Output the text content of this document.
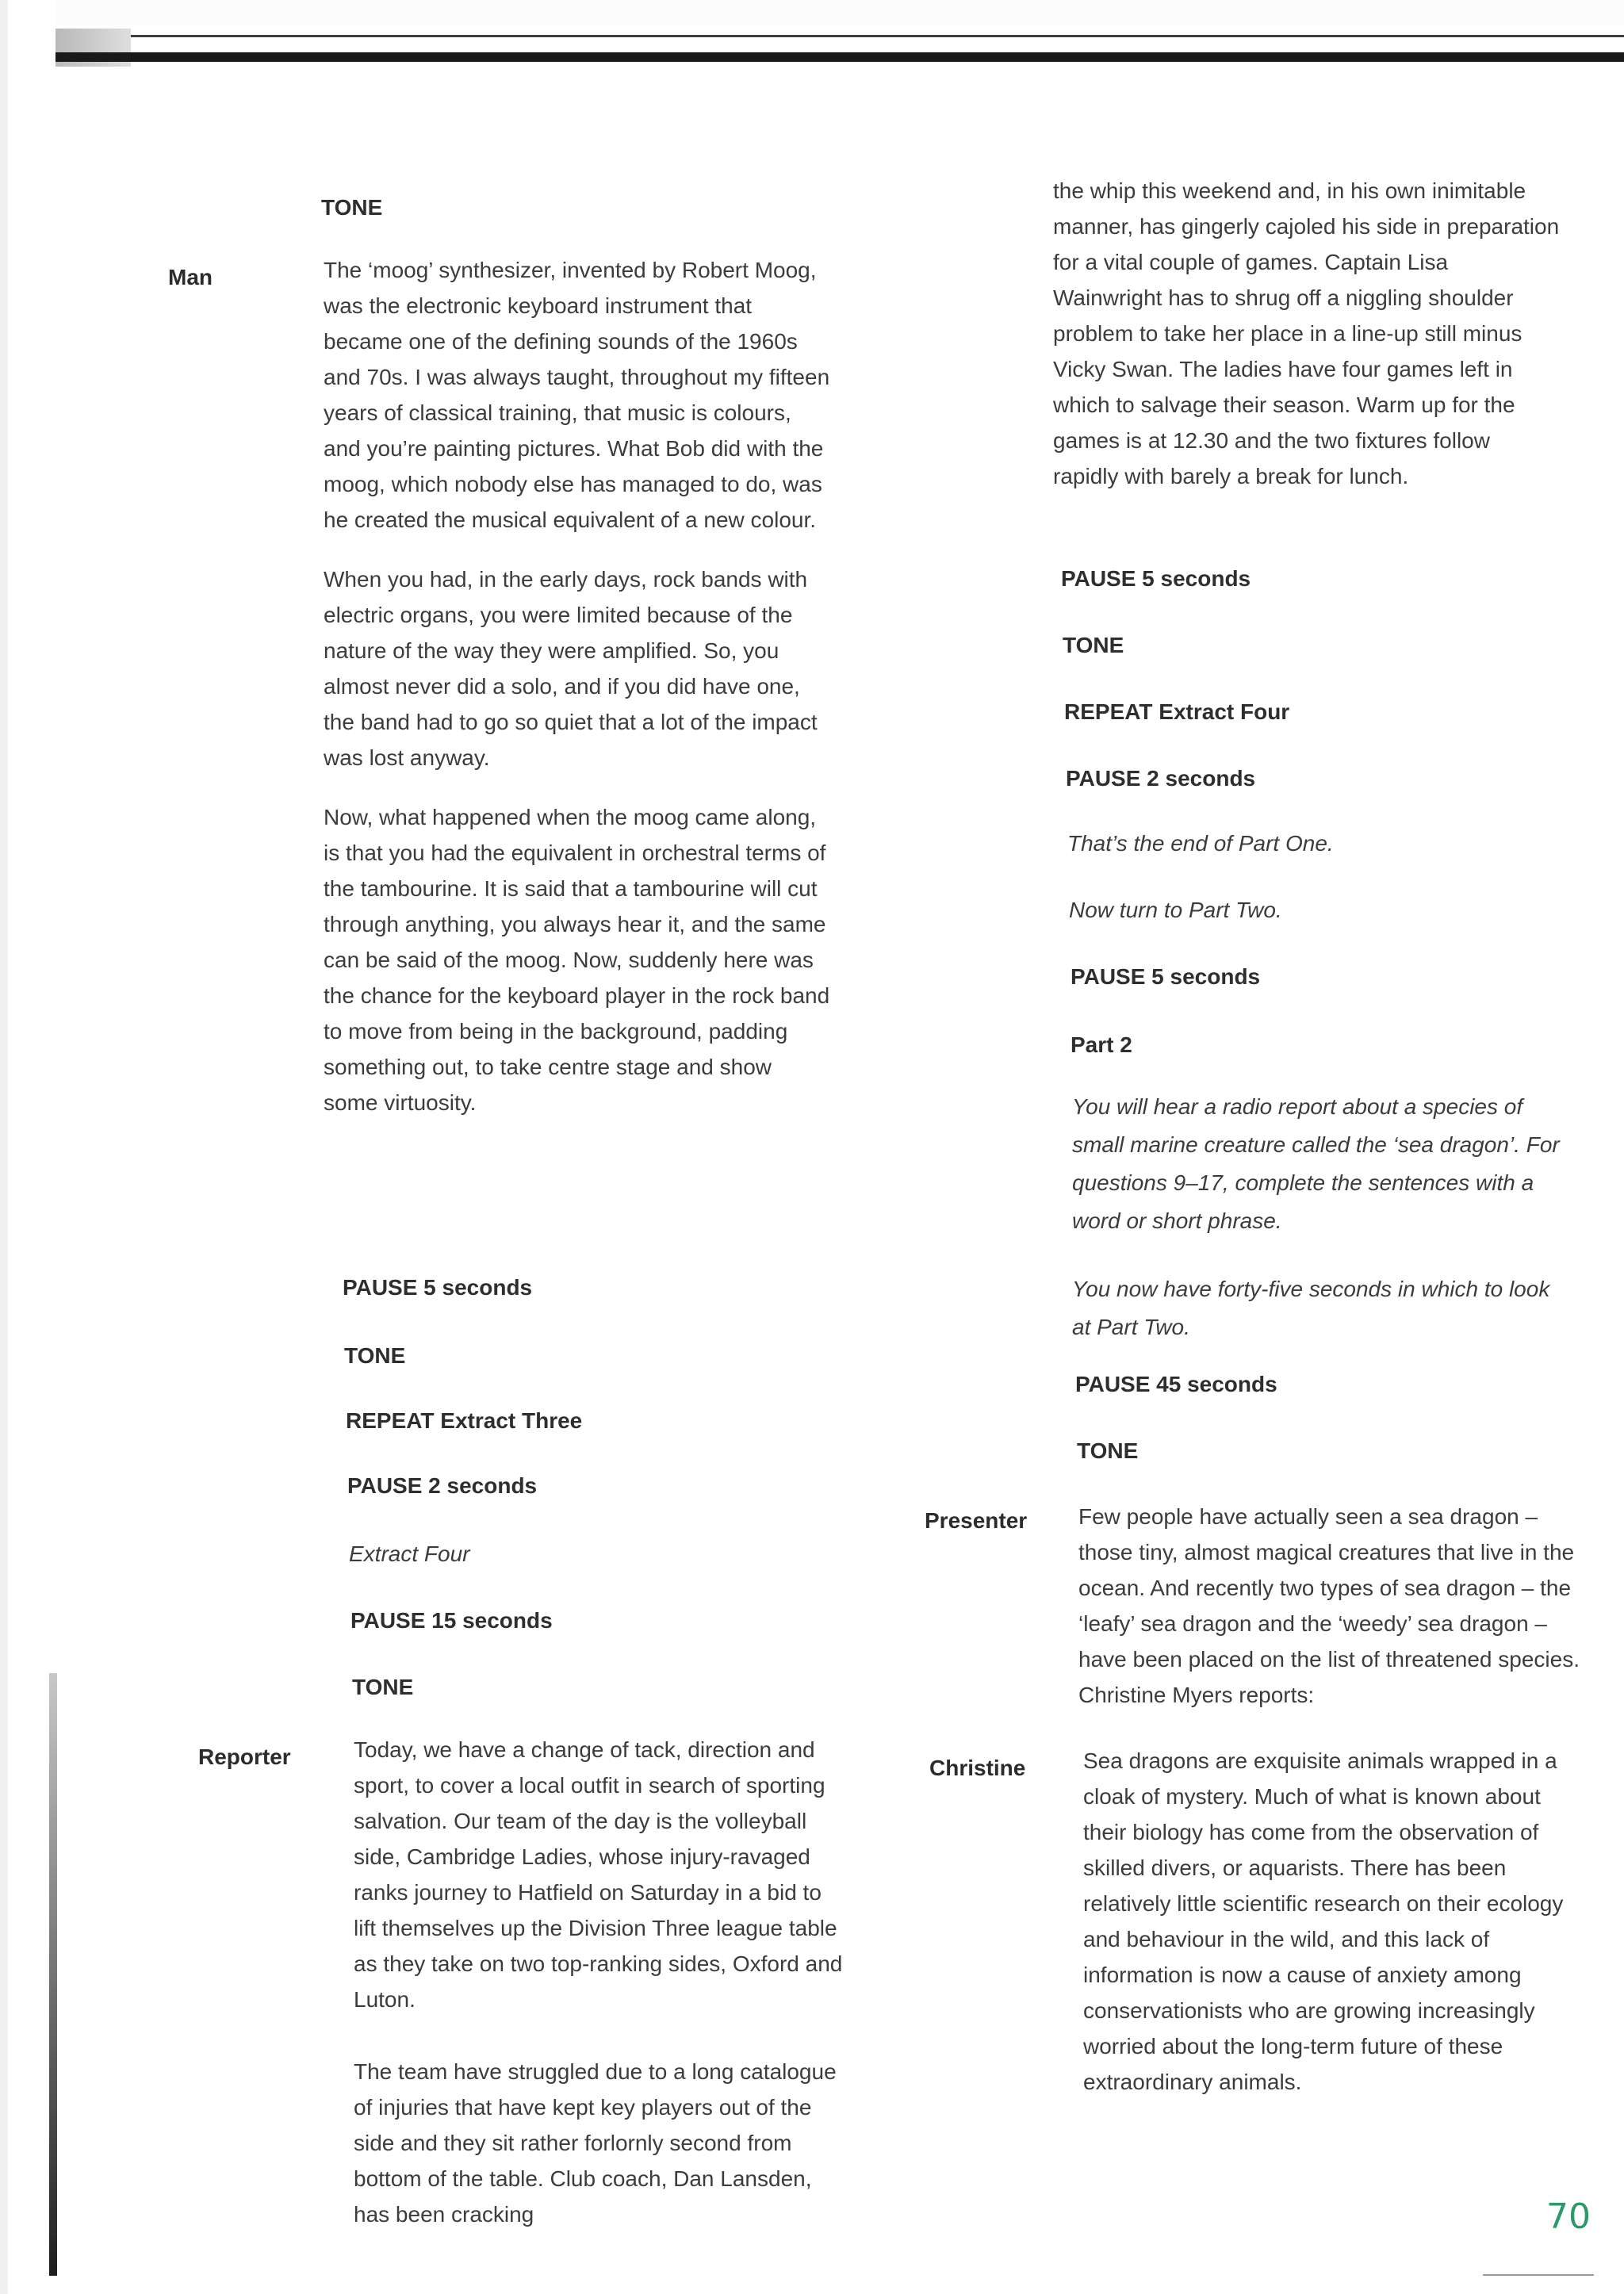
TONE
Man	The ‘moog’ synthesizer, invented by Robert Moog, was the electronic keyboard instrument that became one of the defining sounds of the 1960s and 70s. I was always taught, throughout my fifteen years of classical training, that music is colours, and you’re painting pictures. What Bob did with the moog, which nobody else has managed to do, was he created the musical equivalent of a new colour.

When you had, in the early days, rock bands with electric organs, you were limited because of the nature of the way they were amplified. So, you almost never did a solo, and if you did have one, the band had to go so quiet that a lot of the impact was lost anyway.

Now, what happened when the moog came along, is that you had the equivalent in orchestral terms of the tambourine. It is said that a tambourine will cut through anything, you always hear it, and the same can be said of the moog. Now, suddenly here was the chance for the keyboard player in the rock band to move from being in the background, padding something out, to take centre stage and show some virtuosity.

PAUSE 5 seconds
TONE
REPEAT Extract Three
PAUSE 2 seconds
Extract Four
PAUSE 15 seconds
TONE
Reporter	Today, we have a change of tack, direction and sport, to cover a local outfit in search of sporting salvation. Our team of the day is the volleyball side, Cambridge Ladies, whose injury-ravaged ranks journey to Hatfield on Saturday in a bid to lift themselves up the Division Three league table as they take on two top-ranking sides, Oxford and Luton.

The team have struggled due to a long catalogue of injuries that have kept key players out of the side and they sit rather forlornly second from bottom of the table. Club coach, Dan Lansden, has been cracking

the whip this weekend and, in his own inimitable manner, has gingerly cajoled his side in preparation for a vital couple of games. Captain Lisa Wainwright has to shrug off a niggling shoulder problem to take her place in a line-up still minus Vicky Swan. The ladies have four games left in which to salvage their season. Warm up for the games is at 12.30 and the two fixtures follow rapidly with barely a break for lunch.
PAUSE 5 seconds
TONE
REPEAT Extract Four
PAUSE 2 seconds
That’s the end of Part One.
Now turn to Part Two.
PAUSE 5 seconds
Part 2

You will hear a radio report about a species of small marine creature called the ‘sea dragon’. For questions 9–17, complete the sentences with a word or short phrase.

You now have forty-five seconds in which to look at Part Two.

PAUSE 45 seconds
TONE
Presenter Few people have actually seen a sea dragon – those tiny, almost magical creatures that live in the ocean. And recently two types of sea dragon – the ‘leafy’ sea dragon and the ‘weedy’ sea dragon – have been placed on the list of threatened species. Christine Myers reports:
Christine	Sea dragons are exquisite animals wrapped in a cloak of mystery. Much of what is known about their biology has come from the observation of skilled divers, or aquarists. There has been relatively little scientific research on their ecology and behaviour in the wild, and this lack of information is now a cause of anxiety among conservationists who are growing increasingly worried about the long-term future of these extraordinary animals.
70
